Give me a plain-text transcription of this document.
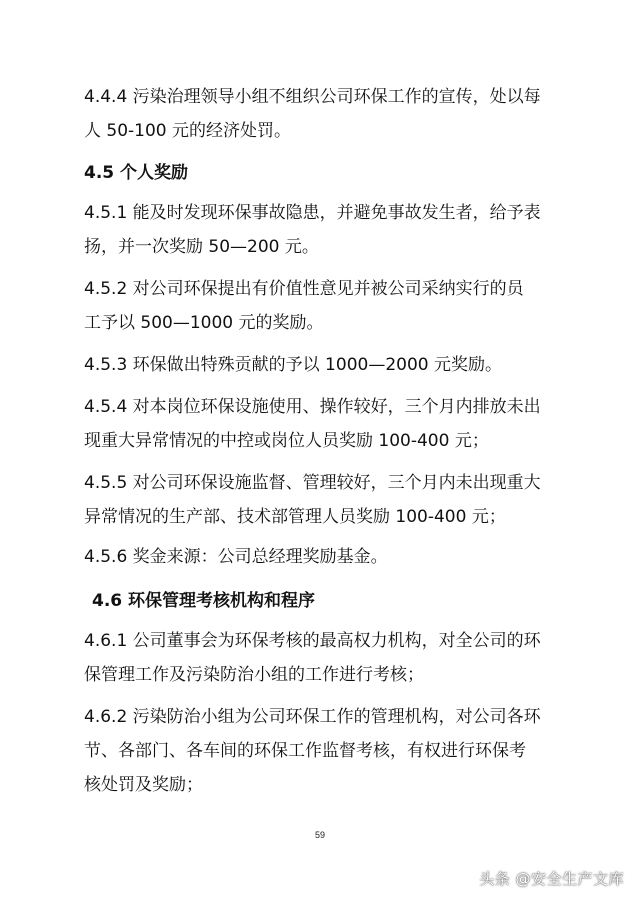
4.4.4 污染治理领导小组不组织公司环保工作的宣传，处以每
人 50-100 元的经济处罚。

4.5 个人奖励

4.5.1 能及时发现环保事故隐患，并避免事故发生者，给予表
扬，并一次奖励 50—200 元。

4.5.2 对公司环保提出有价值性意见并被公司采纳实行的员
工予以 500—1000 元的奖励。

4.5.3 环保做出特殊贡献的予以 1000—2000 元奖励。

4.5.4 对本岗位环保设施使用、操作较好，三个月内排放未出
现重大异常情况的中控或岗位人员奖励 100-400 元；

4.5.5 对公司环保设施监督、管理较好，三个月内未出现重大
异常情况的生产部、技术部管理人员奖励 100-400 元；

4.5.6 奖金来源：公司总经理奖励基金。

4.6 环保管理考核机构和程序

4.6.1 公司董事会为环保考核的最高权力机构，对全公司的环
保管理工作及污染防治小组的工作进行考核；

4.6.2 污染防治小组为公司环保工作的管理机构，对公司各环
节、各部门、各车间的环保工作监督考核，有权进行环保考
核处罚及奖励；

59
头条 @安全生产文库
